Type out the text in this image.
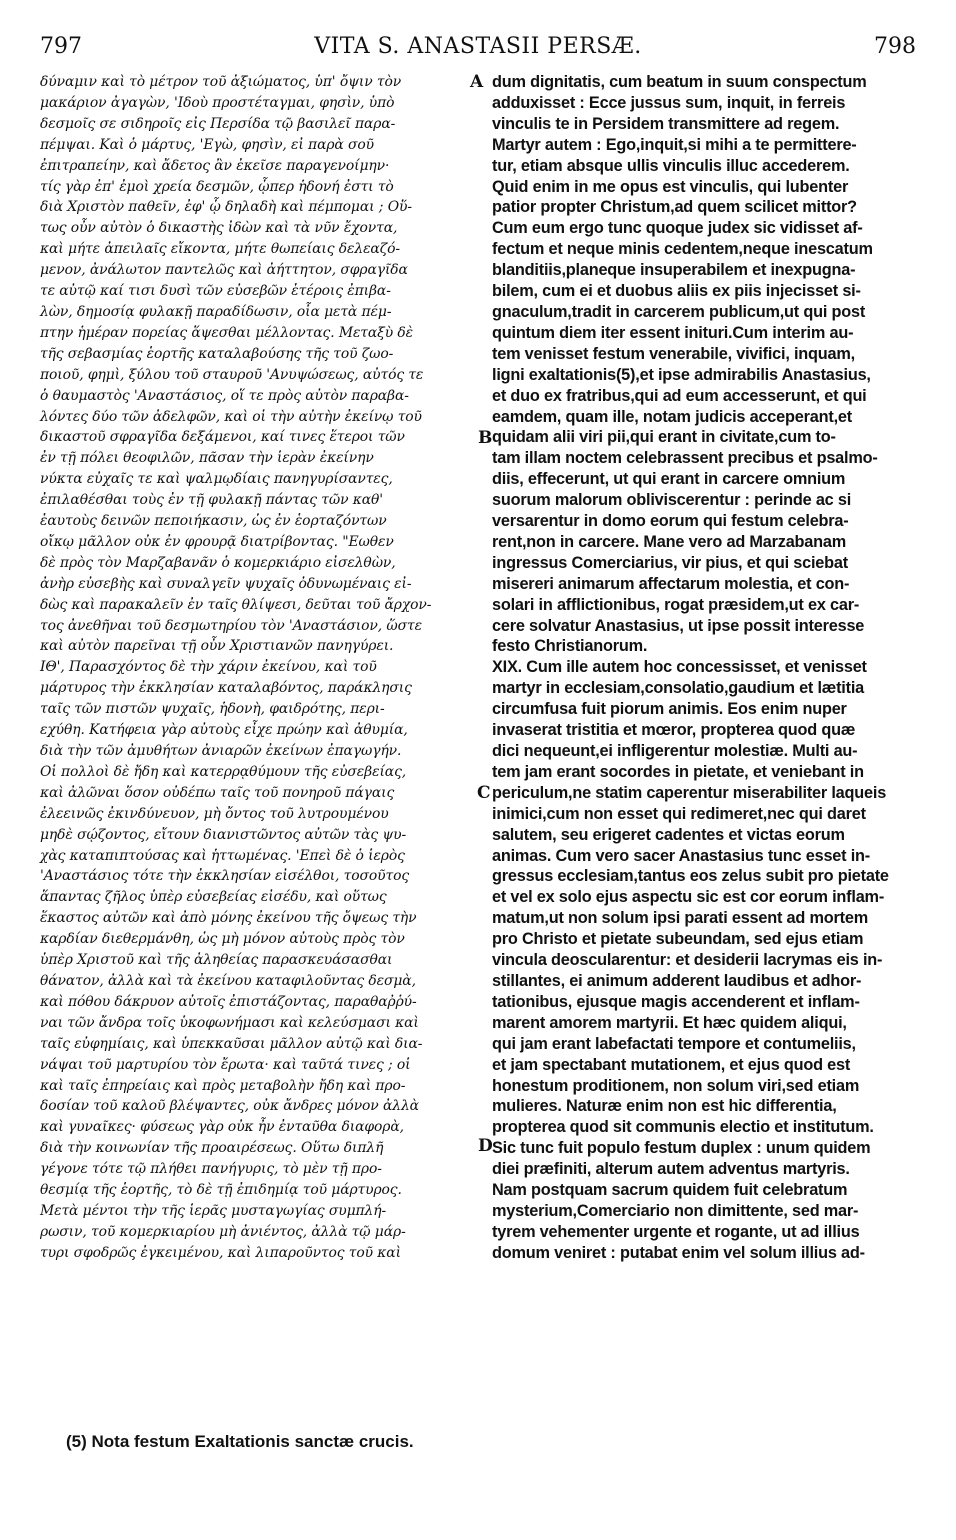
797	VITA S. ANASTASII PERSÆ.	798
δύναμιν καὶ τὸ μέτρον τοῦ ἀξιώματος, ὑπ' ὄψιν τὸν
μακάριον ἀγαγὼν, 'Ιδοὺ προστέταγμαι, φησὶν, ὑπὸ
δεσμοῖς σε σιδηροῖς εἰς Περσίδα τῷ βασιλεῖ παρα-
πέμψαι. Καὶ ὁ μάρτυς, 'Εγὼ, φησὶν, εἰ παρὰ σοῦ
ἐπιτραπείην, καὶ ἄδετος ἂν ἐκεῖσε παραγενοίμην·
τίς γὰρ ἐπ' ἐμοὶ χρεία δεσμῶν, ᾧπερ ἡδονή ἐστι τὸ
διὰ Χριστὸν παθεῖν, ἐφ' ᾧ δηλαδὴ καὶ πέμπομαι ; Οὕ-
τως οὖν αὐτὸν ὁ δικαστὴς ἰδὼν καὶ τὰ νῦν ἔχοντα,
καὶ μήτε ἀπειλαῖς εἴκοντα, μήτε θωπείαις δελεαζό-
μενον, ἀνάλωτον παντελῶς καὶ ἀήττητον, σφραγῖδα
τε αὐτῷ καί τισι δυσὶ τῶν εὐσεβῶν ἑτέροις ἐπιβα-
λὼν, δημοσίᾳ φυλακῇ παραδίδωσιν, οἷα μετὰ πέμ-
πτην ἡμέραν πορείας ἅψεσθαι μέλλοντας. Μεταξὺ δὲ
τῆς σεβασμίας ἑορτῆς καταλαβούσης τῆς τοῦ ζωο-
ποιοῦ, φημὶ, ξύλου τοῦ σταυροῦ 'Ανυψώσεως, αὐτός τε
ὁ θαυμαστὸς 'Αναστάσιος, οἵ τε πρὸς αὐτὸν παραβα-
λόντες δύο τῶν ἀδελφῶν, καὶ οἱ τὴν αὐτὴν ἐκείνῳ τοῦ
δικαστοῦ σφραγῖδα δεξάμενοι, καί τινες ἕτεροι τῶν
ἐν τῇ πόλει θεοφιλῶν, πᾶσαν τὴν ἱερὰν ἐκείνην
νύκτα εὐχαῖς τε καὶ ψαλμῳδίαις πανηγυρίσαντες,
ἐπιλαθέσθαι τοὺς ἐν τῇ φυλακῇ πάντας τῶν καθ'
ἑαυτοὺς δεινῶν πεποιήκασιν, ὡς ἐν ἑορταζόντων
οἴκῳ μᾶλλον οὐκ ἐν φρουρᾷ διατρίβοντας. "Εωθεν
δὲ πρὸς τὸν Μαρζαβανᾶν ὁ κομερκιάριο εἰσελθὼν,
ἀνὴρ εὐσεβὴς καὶ συναλγεῖν ψυχαῖς ὀδυνωμέναις εἰ-
δὼς καὶ παρακαλεῖν ἐν ταῖς θλίψεσι, δεῦται τοῦ ἄρχον-
τος ἀνεθῆναι τοῦ δεσμωτηρίου τὸν 'Αναστάσιον, ὥστε
καὶ αὐτὸν παρεῖναι τῇ οὖν Χριστιανῶν πανηγύρει.
ΙΘ', Παρασχόντος δὲ τὴν χάριν ἐκείνου, καὶ τοῦ
μάρτυρος τὴν ἐκκλησίαν καταλαβόντος, παράκλησις
ταῖς τῶν πιστῶν ψυχαῖς, ἡδονὴ, φαιδρότης, περι-
εχύθη. Κατήφεια γὰρ αὐτοὺς εἶχε πρώην καὶ ἀθυμία,
διὰ τὴν τῶν ἀμυθήτων ἀνιαρῶν ἐκείνων ἐπαγωγήν.
Οἱ πολλοὶ δὲ ἤδη καὶ κατερρᾳθύμουν τῆς εὐσεβείας,
καὶ ἀλῶναι ὅσον οὐδέπω ταῖς τοῦ πονηροῦ πάγαις
ἐλεεινῶς ἐκινδύνευον, μὴ ὄντος τοῦ λυτρουμένου
μηδὲ σῴζοντος, εἴτουν διανιστῶντος αὐτῶν τὰς ψυ-
χὰς καταπιπτούσας καὶ ἡττωμένας. 'Επεὶ δὲ ὁ ἱερὸς
'Αναστάσιος τότε τὴν ἐκκλησίαν εἰσέλθοι, τοσοῦτος
ἅπαντας ζῆλος ὑπὲρ εὐσεβείας εἰσέδυ, καὶ οὕτως
ἕκαστος αὐτῶν καὶ ἀπὸ μόνης ἐκείνου τῆς ὄψεως τὴν
καρδίαν διεθερμάνθη, ὡς μὴ μόνον αὐτοὺς πρὸς τὸν
ὑπὲρ Χριστοῦ καὶ τῆς ἀληθείας παρασκευάσασθαι
θάνατον, ἀλλὰ καὶ τὰ ἐκείνου καταφιλοῦντας δεσμὰ,
καὶ πόθου δάκρυον αὐτοῖς ἐπιστάζοντας, παραθαῤῥύ-
ναι τῶν ἄνδρα τοῖς ὑκοφωνήμασι καὶ κελεύσμασι καὶ
ταῖς εὐφημίαις, καὶ ὑπεκκαῦσαι μᾶλλον αὐτῷ καὶ δια-
νάψαι τοῦ μαρτυρίου τὸν ἔρωτα· καὶ ταῦτά τινες ; οἱ
καὶ ταῖς ἐπηρείαις καὶ πρὸς μεταβολὴν ἤδη καὶ προ-
δοσίαν τοῦ καλοῦ βλέψαντες, οὐκ ἄνδρες μόνον ἀλλὰ
καὶ γυναῖκες· φύσεως γὰρ οὐκ ἦν ἐνταῦθα διαφορὰ,
διὰ τὴν κοινωνίαν τῆς προαιρέσεως. Οὕτω διπλῆ
γέγονε τότε τῷ πλήθει πανήγυρις, τὸ μὲν τῇ προ-
θεσμίᾳ τῆς ἑορτῆς, τὸ δὲ τῇ ἐπιδημίᾳ τοῦ μάρτυρος.
Μετὰ μέντοι τὴν τῆς ἱερᾶς μυσταγωγίας συμπλή-
ρωσιν, τοῦ κομερκιαρίου μὴ ἀνιέντος, ἀλλὰ τῷ μάρ-
τυρι σφοδρῶς ἐγκειμένου, καὶ λιπαροῦντος τοῦ καὶ
dum dignitatis, cum beatum in suum conspectum
adduxisset : Ecce jussus sum, inquit, in ferreis
vinculis te in Persidem transmittere ad regem.
Martyr autem : Ego,inquit,si mihi a te permittere-
tur, etiam absque ullis vinculis illuc accederem.
Quid enim in me opus est vinculis, qui lubenter
patior propter Christum,ad quem scilicet mittor?
Cum eum ergo tunc quoque judex sic vidisset af-
fectum et neque minis cedentem,neque inescatum
blanditiis,planeque insuperabilem et inexpugna-
bilem, cum ei et duobus aliis ex piis injecisset si-
gnaculum,tradit in carcerem publicum,ut qui post
quintum diem iter essent inituri.Cum interim au-
tem venisset festum venerabile, vivifici, inquam,
ligni exaltationis(5),et ipse admirabilis Anastasius,
et duo ex fratribus,qui ad eum accesserunt, et qui
eamdem, quam ille, notam judicis acceperant,et
quidam alii viri pii,qui erant in civitate,cum to-
tam illam noctem celebrassent precibus et psalmo-
diis, effecerunt, ut qui erant in carcere omnium
suorum malorum obliviscerentur : perinde ac si
versarentur in domo eorum qui festum celebra-
rent,non in carcere. Mane vero ad Marzabanam
ingressus Comerciarius, vir pius, et qui sciebat
misereri animarum affectarum molestia, et con-
solari in afflictionibus, rogat præsidem,ut ex car-
cere solvatur Anastasius, ut ipse possit interesse
festo Christianorum.
XIX. Cum ille autem hoc concessisset, et venisset
martyr in ecclesiam,consolatio,gaudium et lætitia
circumfusa fuit piorum animis. Eos enim nuper
invaserat tristitia et mœror, propterea quod quæ
dici nequeunt,ei infligerentur molestiæ. Multi au-
tem jam erant socordes in pietate, et veniebant in
periculum,ne statim caperentur miserabiliter laqueis
inimici,cum non esset qui redimeret,nec qui daret
salutem, seu erigeret cadentes et victas eorum
animas. Cum vero sacer Anastasius tunc esset in-
gressus ecclesiam,tantus eos zelus subit pro pietate
et vel ex solo ejus aspectu sic est cor eorum inflam-
matum,ut non solum ipsi parati essent ad mortem
pro Christo et pietate subeundam, sed ejus etiam
vincula deoscularentur: et desiderii lacrymas eis in-
stillantes, ei animum adderent laudibus et adhor-
tationibus, ejusque magis accenderent et inflam-
marent amorem martyrii. Et hæc quidem aliqui,
qui jam erant labefactati tempore et contumeliis,
et jam spectabant mutationem, et ejus quod est
honestum proditionem, non solum viri,sed etiam
mulieres. Naturæ enim non est hic differentia,
propterea quod sit communis electio et institutum.
Sic tunc fuit populo festum duplex : unum quidem
diei præfiniti, alterum autem adventus martyris.
Nam postquam sacrum quidem fuit celebratum
mysterium,Comerciario non dimittente, sed mar-
tyrem vehementer urgente et rogante, ut ad illius
domum veniret : putabat enim vel solum illius ad-
A
B
C
D
(5) Nota festum Exaltationis sanctæ crucis.
